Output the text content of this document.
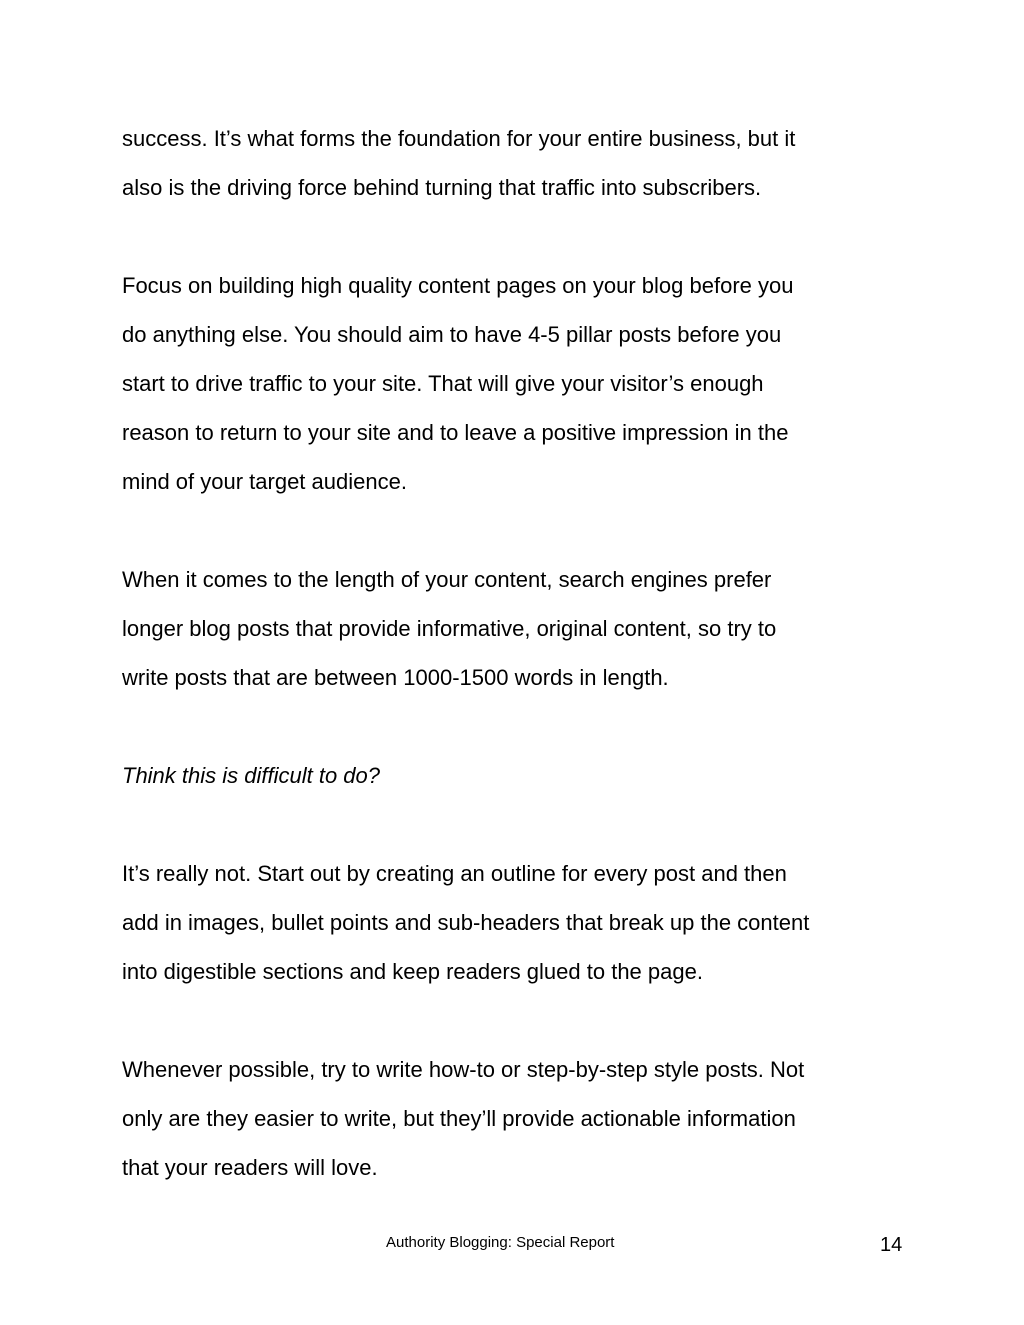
success. It’s what forms the foundation for your entire business, but it
also is the driving force behind turning that traffic into subscribers.

Focus on building high quality content pages on your blog before you
do anything else. You should aim to have 4-5 pillar posts before you
start to drive traffic to your site. That will give your visitor’s enough
reason to return to your site and to leave a positive impression in the
mind of your target audience.

When it comes to the length of your content, search engines prefer
longer blog posts that provide informative, original content, so try to
write posts that are between 1000-1500 words in length.

Think this is difficult to do?

It’s really not. Start out by creating an outline for every post and then
add in images, bullet points and sub-headers that break up the content
into digestible sections and keep readers glued to the page.

Whenever possible, try to write how-to or step-by-step style posts. Not
only are they easier to write, but they’ll provide actionable information
that your readers will love.

Authority Blogging: Special Report	14
